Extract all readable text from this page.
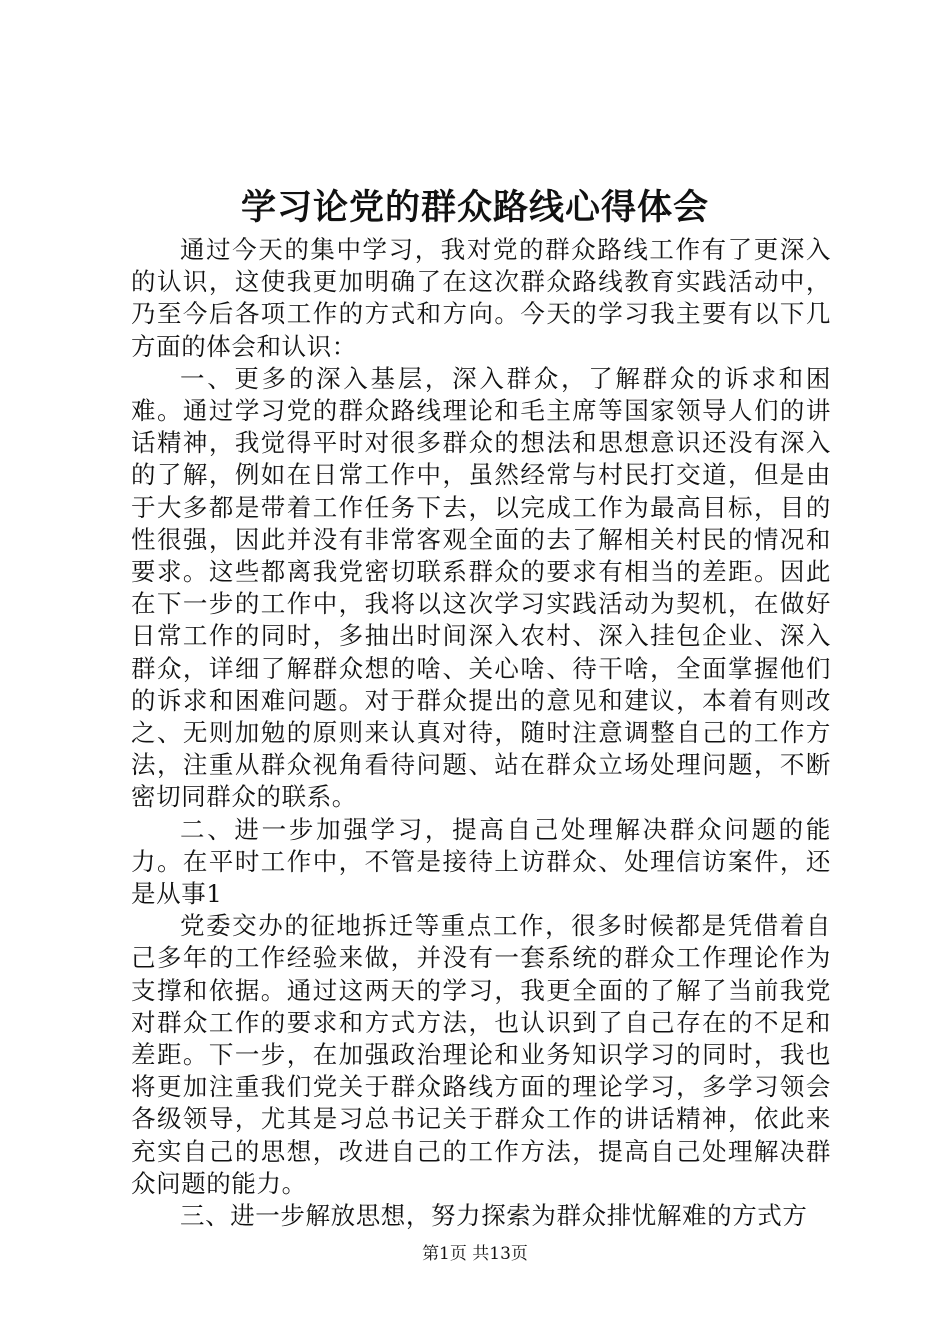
学习论党的群众路线心得体会

通过今天的集中学习，我对党的群众路线工作有了更深入的认识，这使我更加明确了在这次群众路线教育实践活动中，乃至今后各项工作的方式和方向。今天的学习我主要有以下几方面的体会和认识：

一、更多的深入基层，深入群众，了解群众的诉求和困难。通过学习党的群众路线理论和毛主席等国家领导人们的讲话精神，我觉得平时对很多群众的想法和思想意识还没有深入的了解，例如在日常工作中，虽然经常与村民打交道，但是由于大多都是带着工作任务下去，以完成工作为最高目标，目的性很强，因此并没有非常客观全面的去了解相关村民的情况和要求。这些都离我党密切联系群众的要求有相当的差距。因此在下一步的工作中，我将以这次学习实践活动为契机，在做好日常工作的同时，多抽出时间深入农村、深入挂包企业、深入群众，详细了解群众想的啥、关心啥、待干啥，全面掌握他们的诉求和困难问题。对于群众提出的意见和建议，本着有则改之、无则加勉的原则来认真对待，随时注意调整自己的工作方法，注重从群众视角看待问题、站在群众立场处理问题，不断密切同群众的联系。

二、进一步加强学习，提高自己处理解决群众问题的能力。在平时工作中，不管是接待上访群众、处理信访案件，还是从事1

党委交办的征地拆迁等重点工作，很多时候都是凭借着自己多年的工作经验来做，并没有一套系统的群众工作理论作为支撑和依据。通过这两天的学习，我更全面的了解了当前我党对群众工作的要求和方式方法，也认识到了自己存在的不足和差距。下一步，在加强政治理论和业务知识学习的同时，我也将更加注重我们党关于群众路线方面的理论学习，多学习领会各级领导，尤其是习总书记关于群众工作的讲话精神，依此来充实自己的思想，改进自己的工作方法，提高自己处理解决群众问题的能力。

三、进一步解放思想，努力探索为群众排忧解难的方式方

第1页 共13页
